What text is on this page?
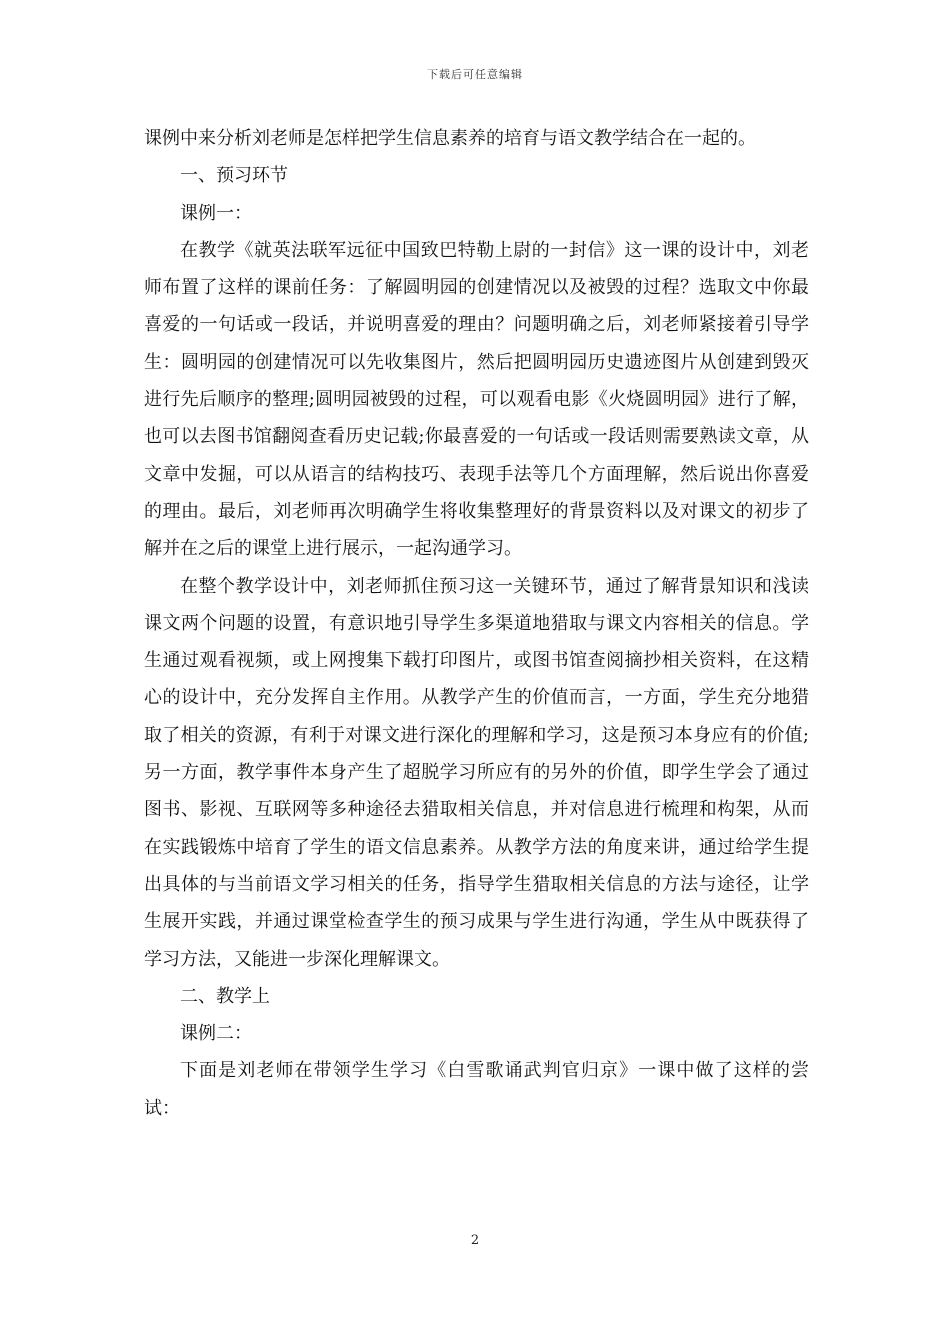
下载后可任意编辑

课例中来分析刘老师是怎样把学生信息素养的培育与语文教学结合在一起的。

一、预习环节

课例一：

在教学《就英法联军远征中国致巴特勒上尉的一封信》这一课的设计中，刘老师布置了这样的课前任务：了解圆明园的创建情况以及被毁的过程？选取文中你最喜爱的一句话或一段话，并说明喜爱的理由？问题明确之后，刘老师紧接着引导学生：圆明园的创建情况可以先收集图片，然后把圆明园历史遗迹图片从创建到毁灭进行先后顺序的整理;圆明园被毁的过程，可以观看电影《火烧圆明园》进行了解，也可以去图书馆翻阅查看历史记载;你最喜爱的一句话或一段话则需要熟读文章，从文章中发掘，可以从语言的结构技巧、表现手法等几个方面理解，然后说出你喜爱的理由。最后，刘老师再次明确学生将收集整理好的背景资料以及对课文的初步了解并在之后的课堂上进行展示，一起沟通学习。

在整个教学设计中，刘老师抓住预习这一关键环节，通过了解背景知识和浅读课文两个问题的设置，有意识地引导学生多渠道地猎取与课文内容相关的信息。学生通过观看视频，或上网搜集下载打印图片，或图书馆查阅摘抄相关资料，在这精心的设计中，充分发挥自主作用。从教学产生的价值而言，一方面，学生充分地猎取了相关的资源，有利于对课文进行深化的理解和学习，这是预习本身应有的价值;另一方面，教学事件本身产生了超脱学习所应有的另外的价值，即学生学会了通过图书、影视、互联网等多种途径去猎取相关信息，并对信息进行梳理和构架，从而在实践锻炼中培育了学生的语文信息素养。从教学方法的角度来讲，通过给学生提出具体的与当前语文学习相关的任务，指导学生猎取相关信息的方法与途径，让学生展开实践，并通过课堂检查学生的预习成果与学生进行沟通，学生从中既获得了学习方法，又能进一步深化理解课文。

二、教学上

课例二：

下面是刘老师在带领学生学习《白雪歌诵武判官归京》一课中做了这样的尝试：

2
